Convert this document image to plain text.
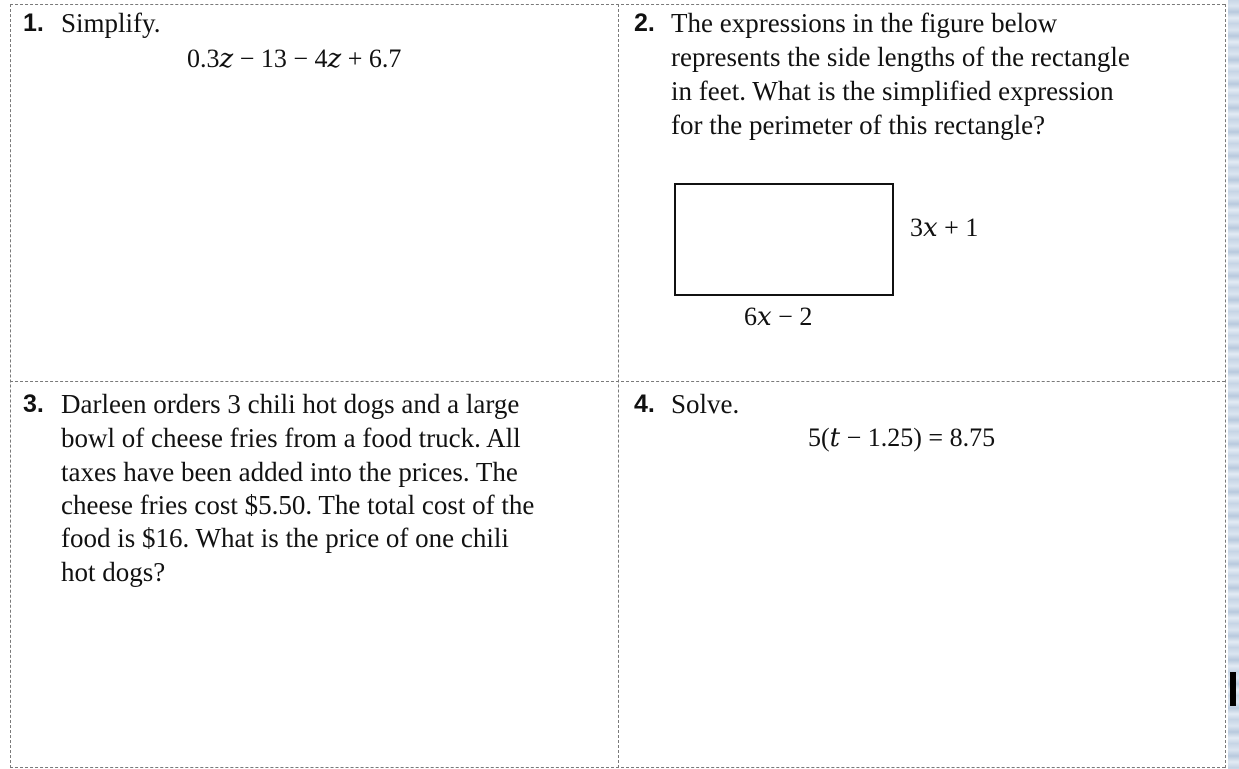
1. Simplify.
0.3𝑧 − 13 − 4𝑧 + 6.7
2. The expressions in the figure below
represents the side lengths of the rectangle
in feet. What is the simplified expression
for the perimeter of this rectangle?
3𝑥 + 1
6𝑥 − 2
3. Darleen orders 3 chili hot dogs and a large
bowl of cheese fries from a food truck. All
taxes have been added into the prices. The
cheese fries cost $5.50. The total cost of the
food is $16. What is the price of one chili
hot dogs?
4. Solve.
5(𝑡 − 1.25) = 8.75
